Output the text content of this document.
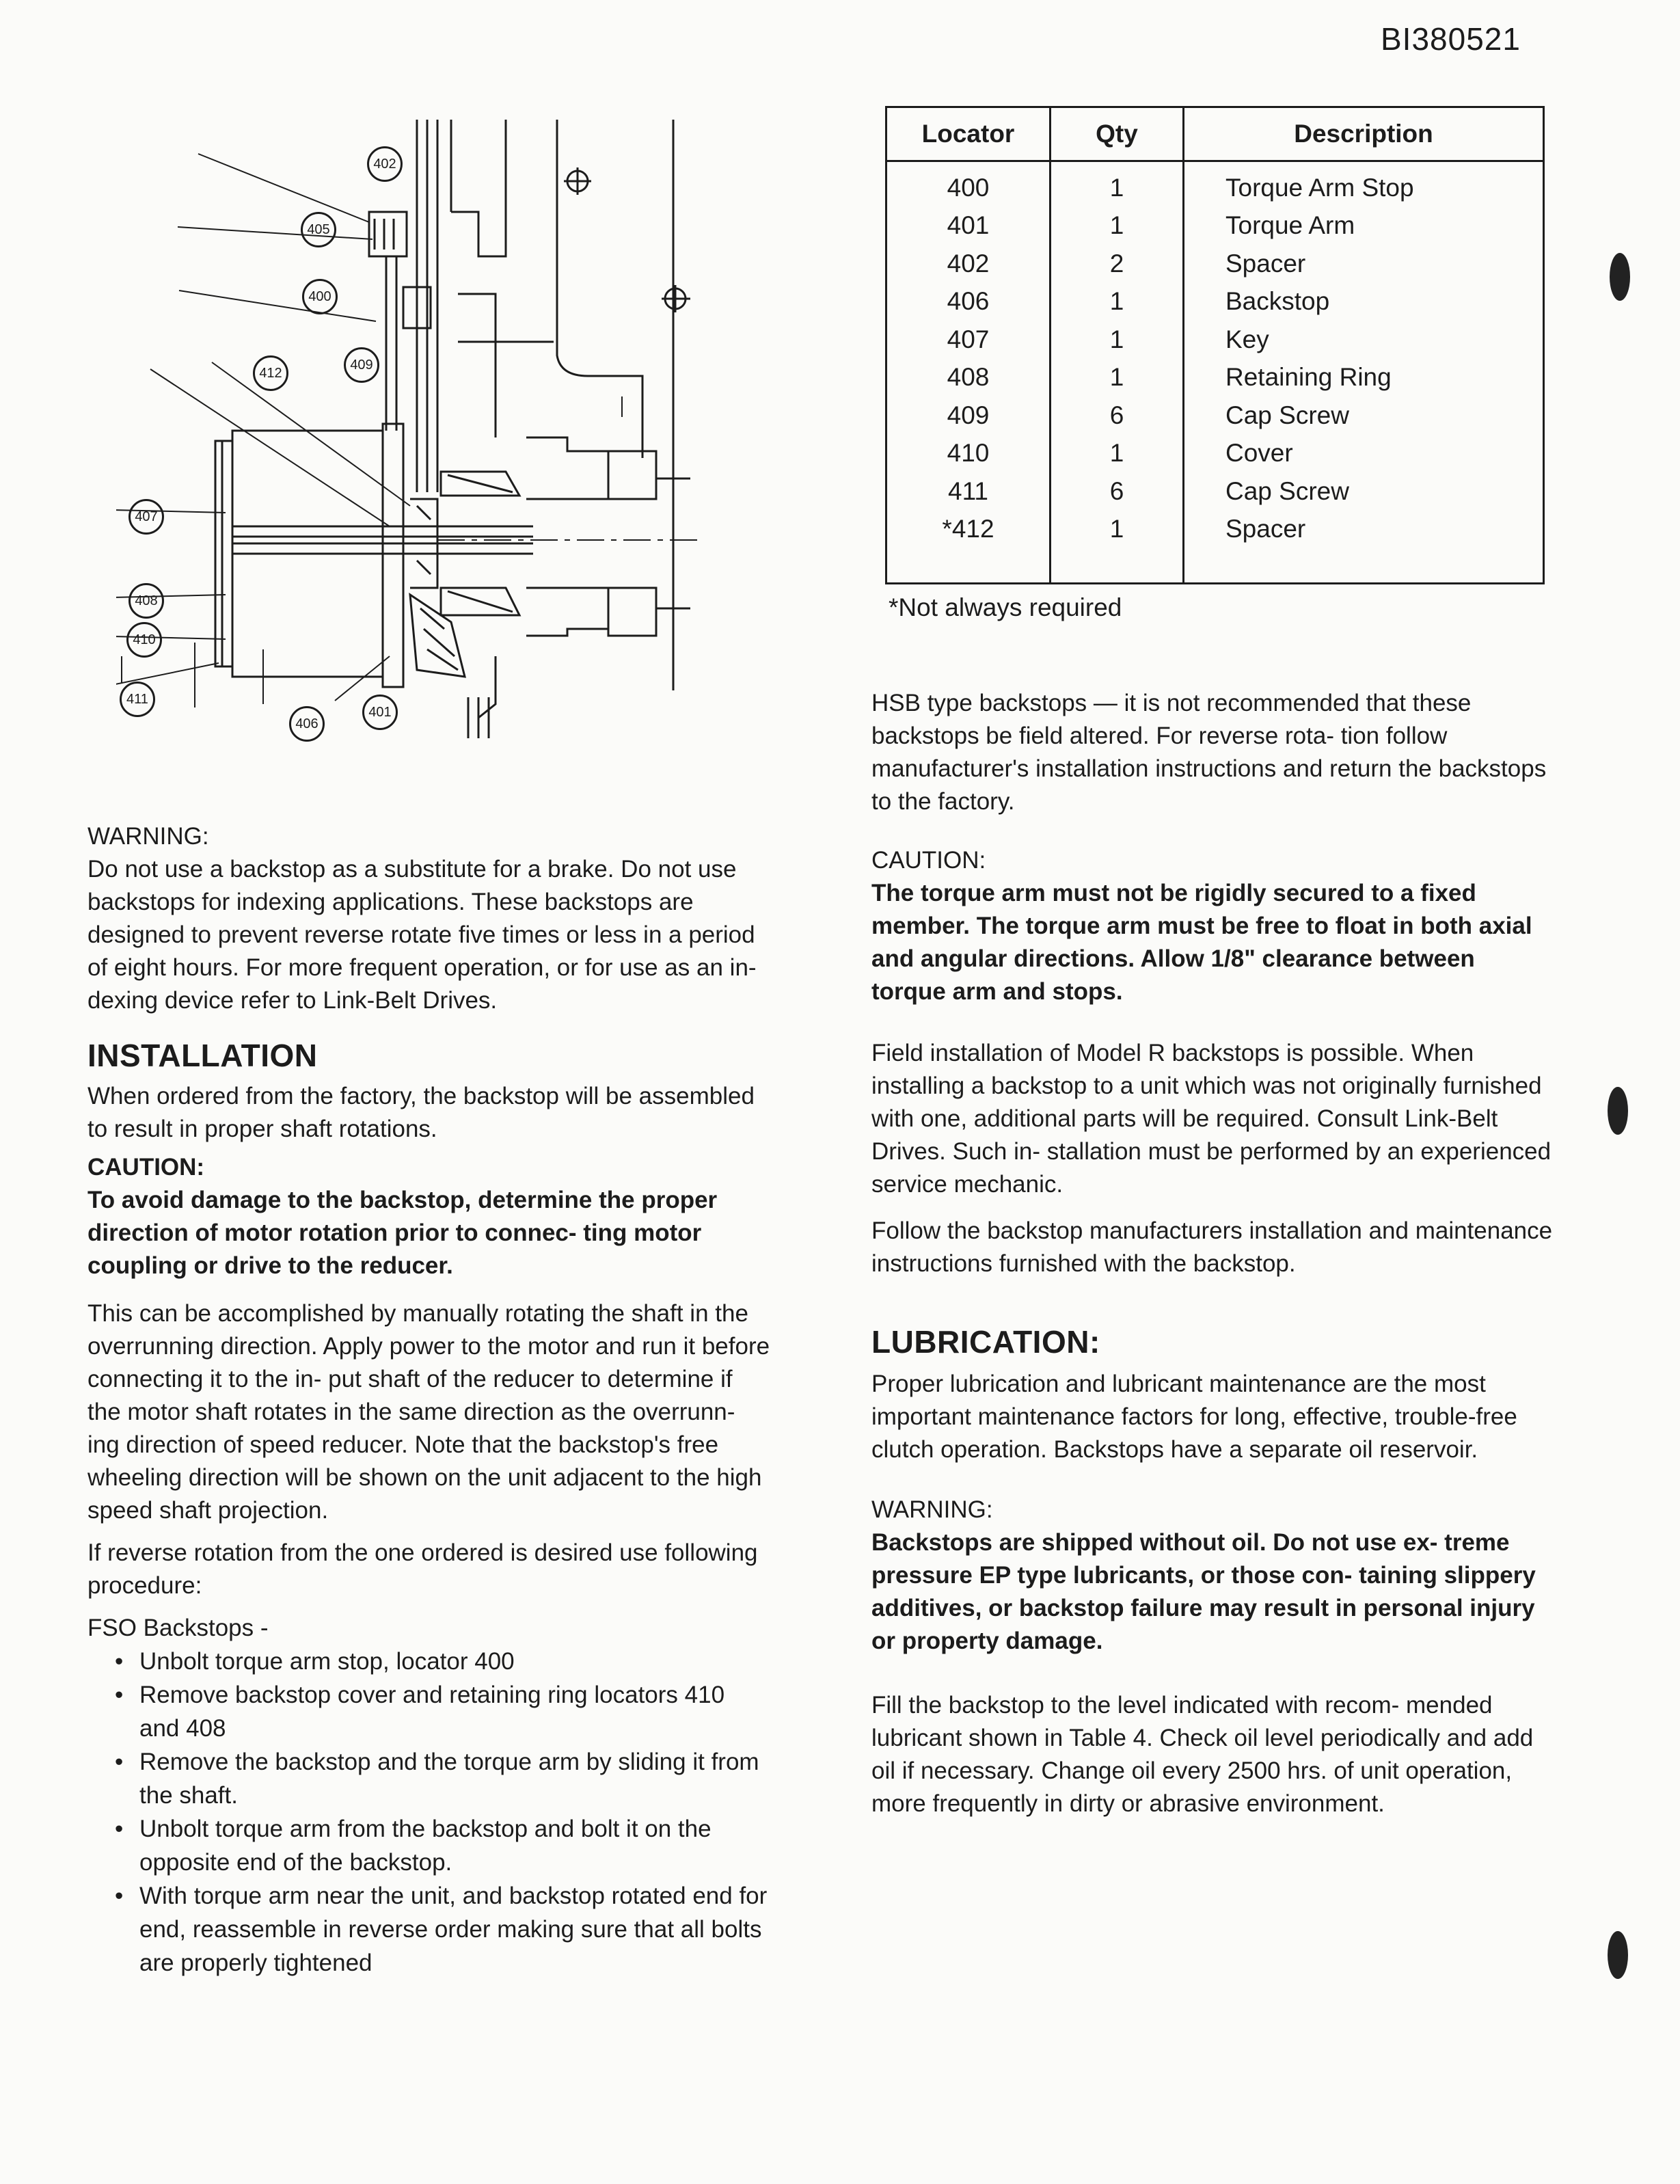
BI380521
402
405
400
412
409
407
408
410
411
406
401
Locator	Qty	Description

400	1	Torque Arm Stop
401	1	Torque Arm
402	2	Spacer
406	1	Backstop
407	1	Key
408	1	Retaining Ring
409	6	Cap Screw
410	1	Cover
411	6	Cap Screw
*412	1	Spacer

*Not always required

WARNING:

Do not use a backstop as a substitute for a brake. Do not use backstops for indexing applications. These backstops are designed to prevent reverse rotate five times or less in a period of eight hours. For more frequent operation, or for use as an in- dexing device refer to Link-Belt Drives.

INSTALLATION

When ordered from the factory, the backstop will be assembled to result in proper shaft rotations.

CAUTION:

To avoid damage to the backstop, determine the proper direction of motor rotation prior to connec- ting motor coupling or drive to the reducer.

This can be accomplished by manually rotating the shaft in the overrunning direction. Apply power to the motor and run it before connecting it to the in- put shaft of the reducer to determine if the motor shaft rotates in the same direction as the overrunn- ing direction of speed reducer. Note that the backstop's free wheeling direction will be shown on the unit adjacent to the high speed shaft projection.

If reverse rotation from the one ordered is desired use following procedure:

FSO Backstops -

• Unbolt torque arm stop, locator 400
• Remove backstop cover and retaining ring locators 410 and 408
• Remove the backstop and the torque arm by sliding it from the shaft.
• Unbolt torque arm from the backstop and bolt it on the opposite end of the backstop.
• With torque arm near the unit, and backstop rotated end for end, reassemble in reverse order making sure that all bolts are properly tightened

HSB type backstops — it is not recommended that these backstops be field altered. For reverse rota- tion follow manufacturer's installation instructions and return the backstops to the factory.

CAUTION:

The torque arm must not be rigidly secured to a fixed member. The torque arm must be free to float in both axial and angular directions. Allow 1/8" clearance between torque arm and stops.

Field installation of Model R backstops is possible. When installing a backstop to a unit which was not originally furnished with one, additional parts will be required. Consult Link-Belt Drives. Such in- stallation must be performed by an experienced service mechanic.

Follow the backstop manufacturers installation and maintenance instructions furnished with the backstop.

LUBRICATION:

Proper lubrication and lubricant maintenance are the most important maintenance factors for long, effective, trouble-free clutch operation. Backstops have a separate oil reservoir.

WARNING:

Backstops are shipped without oil. Do not use ex- treme pressure EP type lubricants, or those con- taining slippery additives, or backstop failure may result in personal injury or property damage.

Fill the backstop to the level indicated with recom- mended lubricant shown in Table 4. Check oil level periodically and add oil if necessary. Change oil every 2500 hrs. of unit operation, more frequently in dirty or abrasive environment.
